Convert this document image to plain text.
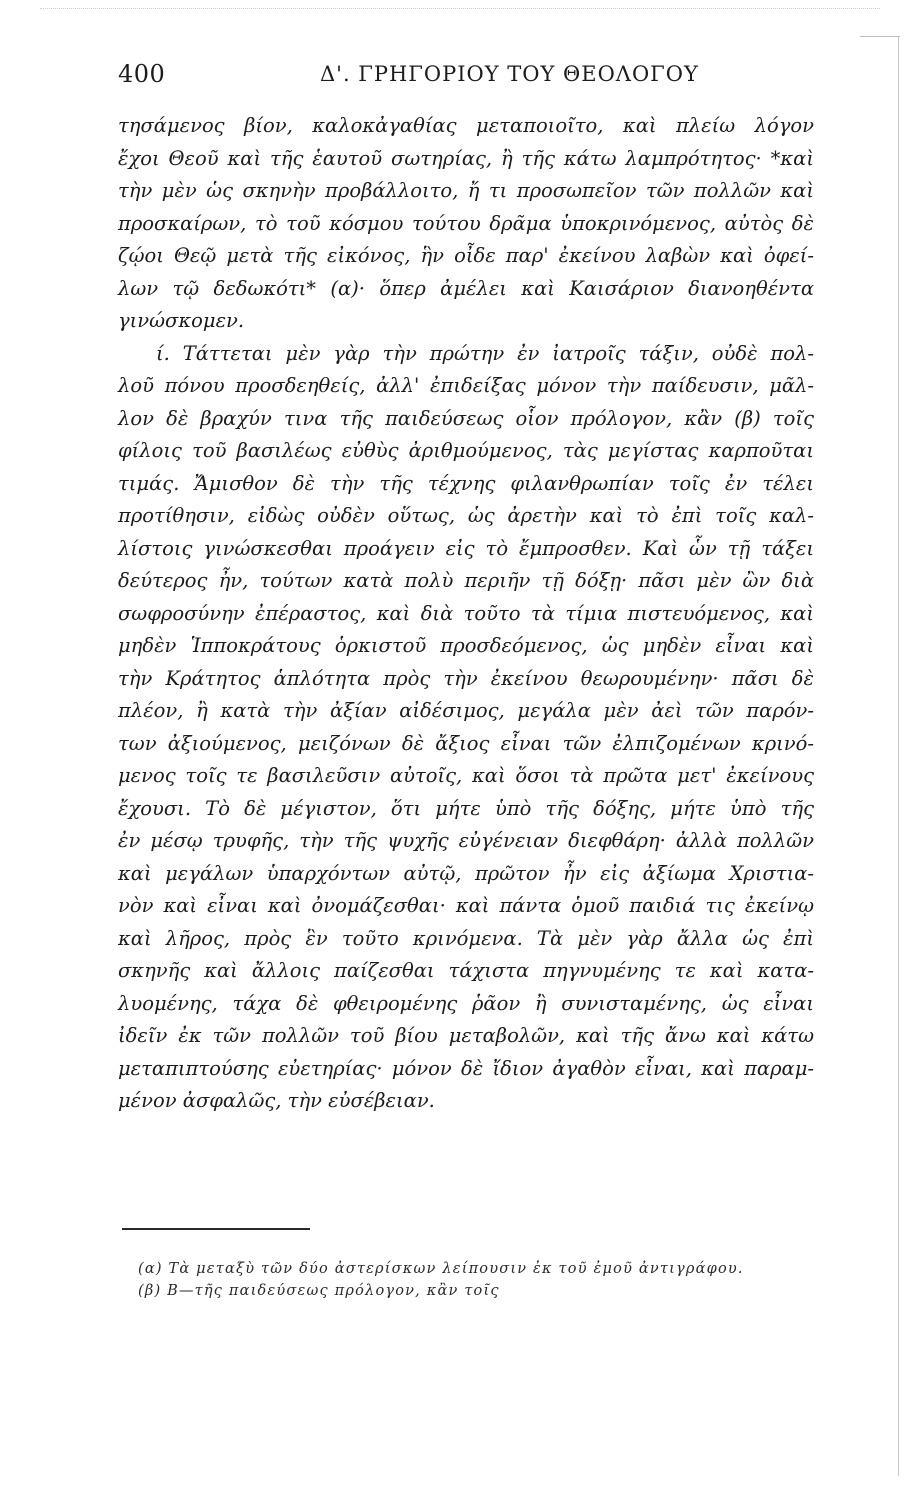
400	Δ'. ΓΡΗΓΟΡΙΟΥ ΤΟΥ ΘΕΟΛΟΓΟΥ
τησάμενος βίον, καλοκἀγαθίας μεταποιοῖτο, καὶ πλείω λόγον
ἔχοι Θεοῦ καὶ τῆς ἑαυτοῦ σωτηρίας, ἢ τῆς κάτω λαμπρότητος· *καὶ
τὴν μὲν ὡς σκηνὴν προβάλλοιτο, ἤ τι προσωπεῖον τῶν πολλῶν καὶ
προσκαίρων, τὸ τοῦ κόσμου τούτου δρᾶμα ὑποκρινόμενος, αὐτὸς δὲ
ζῴοι Θεῷ μετὰ τῆς εἰκόνος, ἣν οἶδε παρ' ἐκείνου λαβὼν καὶ ὀφεί-
λων τῷ δεδωκότι* (α)· ὅπερ ἀμέλει καὶ Καισάριον διανοηθέντα
γινώσκομεν.
ί. Τάττεται μὲν γὰρ τὴν πρώτην ἐν ἰατροῖς τάξιν, οὐδὲ πολ-
λοῦ πόνου προσδεηθείς, ἀλλ' ἐπιδείξας μόνον τὴν παίδευσιν, μᾶλ-
λον δὲ βραχύν τινα τῆς παιδεύσεως οἷον πρόλογον, κἂν (β) τοῖς
φίλοις τοῦ βασιλέως εὐθὺς ἀριθμούμενος, τὰς μεγίστας καρποῦται
τιμάς. Ἄμισθον δὲ τὴν τῆς τέχνης φιλανθρωπίαν τοῖς ἐν τέλει
προτίθησιν, εἰδὼς οὐδὲν οὕτως, ὡς ἀρετὴν καὶ τὸ ἐπὶ τοῖς καλ-
λίστοις γινώσκεσθαι προάγειν εἰς τὸ ἔμπροσθεν. Καὶ ὧν τῇ τάξει
δεύτερος ἦν, τούτων κατὰ πολὺ περιῆν τῇ δόξῃ· πᾶσι μὲν ὢν διὰ
σωφροσύνην ἐπέραστος, καὶ διὰ τοῦτο τὰ τίμια πιστευόμενος, καὶ
μηδὲν Ἱπποκράτους ὁρκιστοῦ προσδεόμενος, ὡς μηδὲν εἶναι καὶ
τὴν Κράτητος ἁπλότητα πρὸς τὴν ἐκείνου θεωρουμένην· πᾶσι δὲ
πλέον, ἢ κατὰ τὴν ἀξίαν αἰδέσιμος, μεγάλα μὲν ἀεὶ τῶν παρόν-
των ἀξιούμενος, μειζόνων δὲ ἄξιος εἶναι τῶν ἐλπιζομένων κρινό-
μενος τοῖς τε βασιλεῦσιν αὐτοῖς, καὶ ὅσοι τὰ πρῶτα μετ' ἐκείνους
ἔχουσι. Τὸ δὲ μέγιστον, ὅτι μήτε ὑπὸ τῆς δόξης, μήτε ὑπὸ τῆς
ἐν μέσῳ τρυφῆς, τὴν τῆς ψυχῆς εὐγένειαν διεφθάρη· ἀλλὰ πολλῶν
καὶ μεγάλων ὑπαρχόντων αὐτῷ, πρῶτον ἦν εἰς ἀξίωμα Χριστια-
νὸν καὶ εἶναι καὶ ὀνομάζεσθαι· καὶ πάντα ὁμοῦ παιδιά τις ἐκείνῳ
καὶ λῆρος, πρὸς ἓν τοῦτο κρινόμενα. Τὰ μὲν γὰρ ἄλλα ὡς ἐπὶ
σκηνῆς καὶ ἄλλοις παίζεσθαι τάχιστα πηγνυμένης τε καὶ κατα-
λυομένης, τάχα δὲ φθειρομένης ῥᾶον ἢ συνισταμένης, ὡς εἶναι
ἰδεῖν ἐκ τῶν πολλῶν τοῦ βίου μεταβολῶν, καὶ τῆς ἄνω καὶ κάτω
μεταπιπτούσης εὐετηρίας· μόνον δὲ ἴδιον ἀγαθὸν εἶναι, καὶ παραμ-
μένον ἀσφαλῶς, τὴν εὐσέβειαν.
(α) Τὰ μεταξὺ τῶν δύο ἀστερίσκων λείπουσιν ἐκ τοῦ ἐμοῦ ἀντιγράφου.
(β) Β—τῆς παιδεύσεως πρόλογον, κἂν τοῖς
